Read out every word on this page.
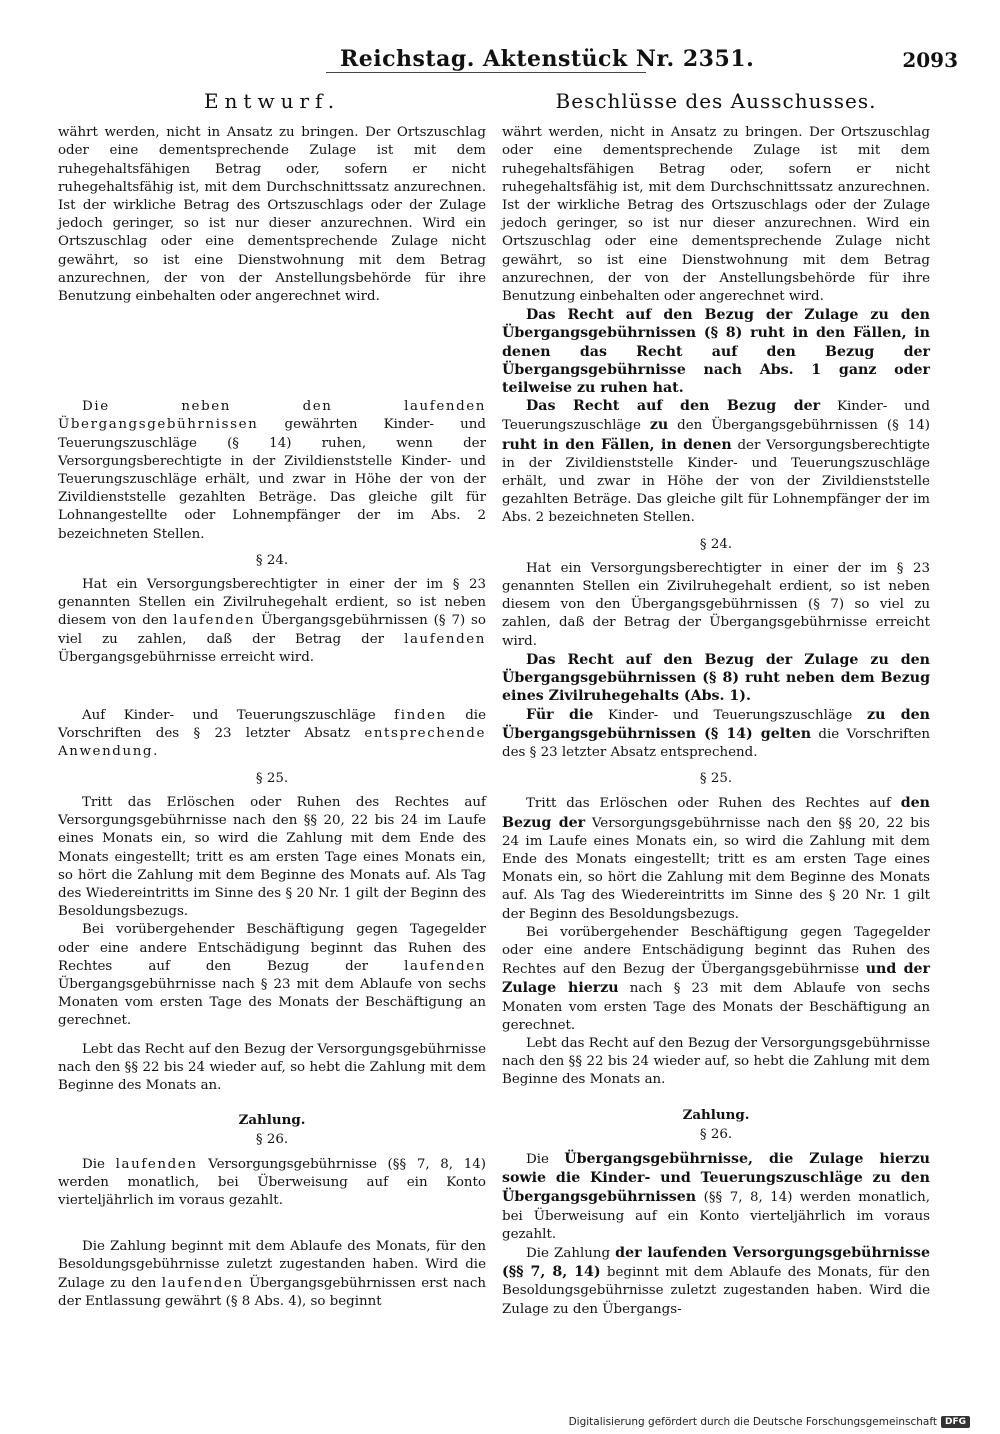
Reichstag. Aktenstück Nr. 2351.	2093
Entwurf.

währt werden, nicht in Ansatz zu bringen. Der Ortszuschlag oder eine dementsprechende Zulage ist mit dem ruhegehaltsfähigen Betrag oder, sofern er nicht ruhegehaltsfähig ist, mit dem Durchschnittssatz anzurechnen. Ist der wirkliche Betrag des Ortszuschlags oder der Zulage jedoch geringer, so ist nur dieser anzurechnen. Wird ein Ortszuschlag oder eine dementsprechende Zulage nicht gewährt, so ist eine Dienstwohnung mit dem Betrag anzurechnen, der von der Anstellungsbehörde für ihre Benutzung einbehalten oder angerechnet wird.

Die neben den laufenden Übergangsgebührnissen gewährten Kinder- und Teuerungszuschläge (§ 14) ruhen, wenn der Versorgungsberechtigte in der Zivildienststelle Kinder- und Teuerungszuschläge erhält, und zwar in Höhe der von der Zivildienststelle gezahlten Beträge. Das gleiche gilt für Lohnangestellte oder Lohnempfänger der im Abs. 2 bezeichneten Stellen.

§ 24.

Hat ein Versorgungsberechtigter in einer der im § 23 genannten Stellen ein Zivilruhegehalt erdient, so ist neben diesem von den laufenden Übergangsgebührnissen (§ 7) so viel zu zahlen, daß der Betrag der laufenden Übergangsgebührnisse erreicht wird.

Auf Kinder- und Teuerungszuschläge finden die Vorschriften des § 23 letzter Absatz entsprechende Anwendung.

§ 25.

Tritt das Erlöschen oder Ruhen des Rechtes auf Versorgungsgebührnisse nach den §§ 20, 22 bis 24 im Laufe eines Monats ein, so wird die Zahlung mit dem Ende des Monats eingestellt; tritt es am ersten Tage eines Monats ein, so hört die Zahlung mit dem Beginne des Monats auf. Als Tag des Wiedereintritts im Sinne des § 20 Nr. 1 gilt der Beginn des Besoldungsbezugs.

Bei vorübergehender Beschäftigung gegen Tagegelder oder eine andere Entschädigung beginnt das Ruhen des Rechtes auf den Bezug der	laufenden Übergangsgebührnisse nach § 23 mit dem Ablaufe von sechs Monaten vom ersten Tage des Monats der Beschäftigung an gerechnet.

Lebt das Recht auf den Bezug der Versorgungsgebührnisse nach den §§ 22 bis 24 wieder auf, so hebt die Zahlung mit dem Beginne des Monats an.

Zahlung.
§ 26.

Die laufenden Versorgungsgebührnisse (§§ 7, 8, 14) werden monatlich, bei Überweisung auf ein Konto vierteljährlich im voraus gezahlt.

Die Zahlung beginnt mit dem Ablaufe des Monats, für den Besoldungsgebührnisse zuletzt zugestanden haben. Wird die Zulage zu den laufenden Übergangsgebührnissen erst nach der Entlassung gewährt (§ 8 Abs. 4), so beginnt

Beschlüsse des Ausschusses.

währt werden, nicht in Ansatz zu bringen. Der Ortszuschlag oder eine dementsprechende Zulage ist mit dem ruhegehaltsfähigen Betrag oder, sofern er nicht ruhegehaltsfähig ist, mit dem Durchschnittssatz anzurechnen. Ist der wirkliche Betrag des Ortszuschlags oder der Zulage jedoch geringer, so ist nur dieser anzurechnen. Wird ein Ortszuschlag oder eine dementsprechende Zulage nicht gewährt, so ist eine Dienstwohnung mit dem Betrag anzurechnen, der von der Anstellungsbehörde für ihre Benutzung einbehalten oder angerechnet wird.

Das Recht auf den Bezug der Zulage zu den Übergangsgebührnissen (§ 8) ruht in den Fällen, in denen das Recht auf den Bezug der Übergangsgebührnisse nach Abs. 1 ganz oder teilweise zu ruhen hat.

Das Recht auf den Bezug der Kinder- und Teuerungszuschläge zu den Übergangsgebührnissen (§ 14) ruht in den Fällen, in denen der Versorgungsberechtigte in der Zivildienststelle Kinder- und Teuerungszuschläge erhält, und zwar in Höhe der von der Zivildienststelle gezahlten Beträge. Das gleiche gilt für Lohnempfänger der im Abs. 2 bezeichneten Stellen.

§ 24.

Hat ein Versorgungsberechtigter in einer der im § 23 genannten Stellen ein Zivilruhegehalt erdient, so ist neben diesem von den Übergangsgebührnissen (§ 7) so viel zu zahlen, daß der Betrag der Übergangsgebührnisse erreicht wird.

Das Recht auf den Bezug der Zulage zu den Übergangsgebührnissen (§ 8) ruht neben dem Bezug eines Zivilruhegehalts (Abs. 1).

Für die Kinder- und Teuerungszuschläge zu den Übergangsgebührnissen (§ 14) gelten die Vorschriften des § 23 letzter Absatz entsprechend.

§ 25.

Tritt das Erlöschen oder Ruhen des Rechtes auf den Bezug der Versorgungsgebührnisse nach den §§ 20, 22 bis 24 im Laufe eines Monats ein, so wird die Zahlung mit dem Ende des Monats eingestellt; tritt es am ersten Tage eines Monats ein, so hört die Zahlung mit dem Beginne des Monats auf. Als Tag des Wiedereintritts im Sinne des § 20 Nr. 1 gilt der Beginn des Besoldungsbezugs.

Bei vorübergehender Beschäftigung gegen Tagegelder oder eine andere Entschädigung beginnt das Ruhen des Rechtes auf den Bezug der Übergangsgebührnisse und der Zulage hierzu nach § 23 mit dem Ablaufe von sechs Monaten vom ersten Tage des Monats der Beschäftigung an gerechnet.

Lebt das Recht auf den Bezug der Versorgungsgebührnisse nach den §§ 22 bis 24 wieder auf, so hebt die Zahlung mit dem Beginne des Monats an.

Zahlung.
§ 26.

Die Übergangsgebührnisse, die Zulage hierzu sowie die Kinder- und Teuerungszuschläge zu den Übergangsgebührnissen (§§ 7, 8, 14) werden monatlich, bei Überweisung auf ein Konto vierteljährlich im voraus gezahlt.

Die Zahlung der laufenden Versorgungsgebührnisse (§§ 7, 8, 14) beginnt mit dem Ablaufe des Monats, für den Besoldungsgebührnisse zuletzt zugestanden haben. Wird die Zulage zu den Übergangs-

Digitalisierung gefördert durch die Deutsche Forschungsgemeinschaft DFG
